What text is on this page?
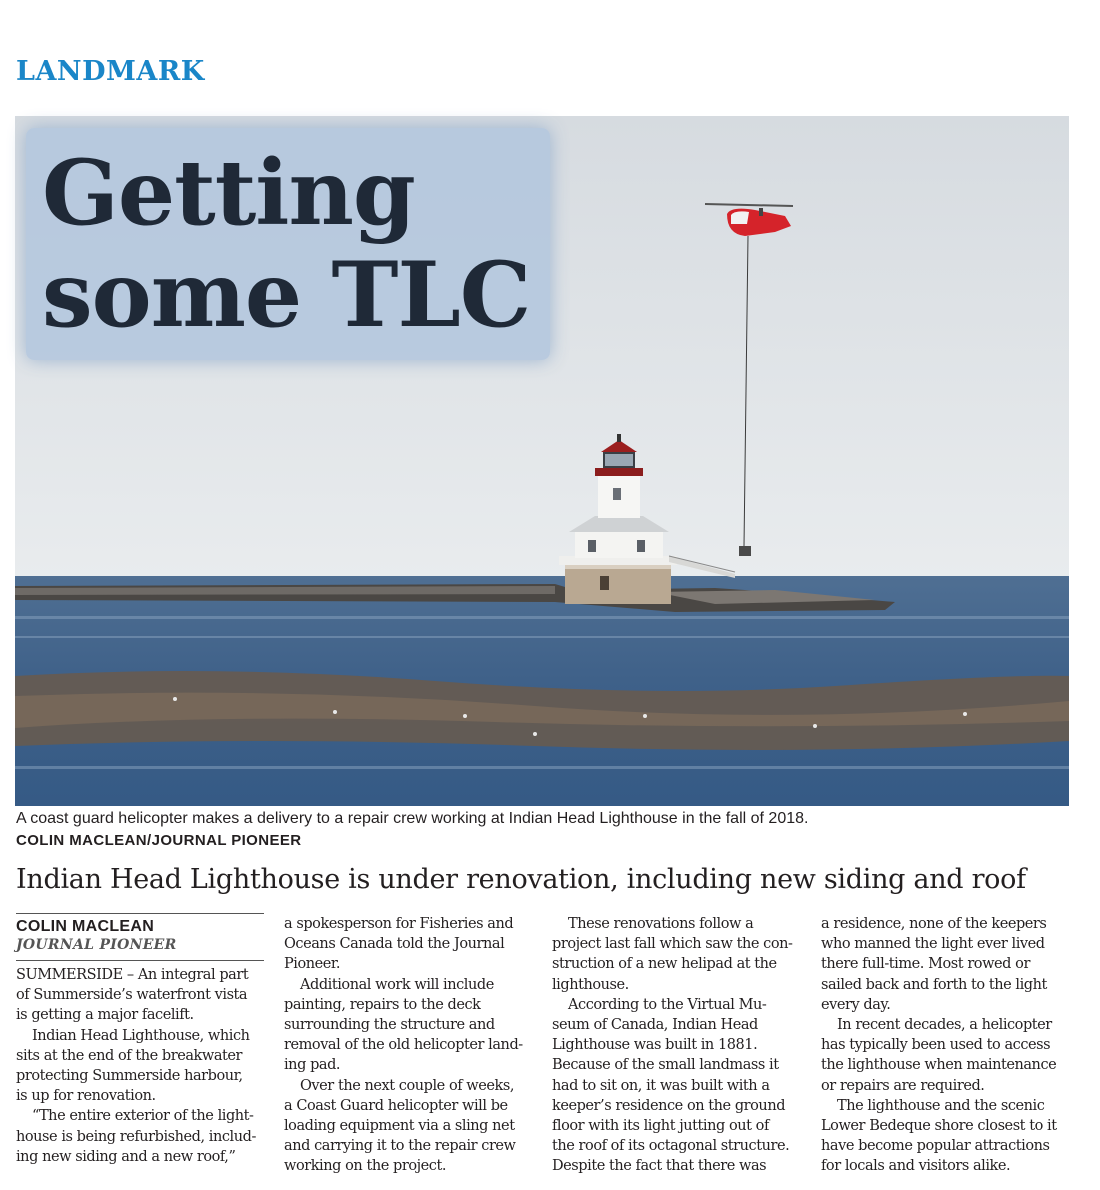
LANDMARK
Getting
some TLC
A coast guard helicopter makes a delivery to a repair crew working at Indian Head Lighthouse in the fall of 2018.
COLIN MACLEAN/JOURNAL PIONEER
Indian Head Lighthouse is under renovation, including new siding and roof
COLIN MACLEAN
JOURNAL PIONEER

SUMMERSIDE – An integral part

of Summerside’s waterfront vista

is getting a major facelift.

Indian Head Lighthouse, which

sits at the end of the breakwater

protecting Summerside harbour,

is up for renovation.

“The entire exterior of the light-

house is being refurbished, includ-

ing new siding and a new roof,”

a spokesperson for Fisheries and

Oceans Canada told the Journal

Pioneer.

Additional work will include

painting, repairs to the deck

surrounding the structure and

removal of the old helicopter land-

ing pad.

Over the next couple of weeks,

a Coast Guard helicopter will be

loading equipment via a sling net

and carrying it to the repair crew

working on the project.

These renovations follow a

project last fall which saw the con-

struction of a new helipad at the

lighthouse.

According to the Virtual Mu-

seum of Canada, Indian Head

Lighthouse was built in 1881.

Because of the small landmass it

had to sit on, it was built with a

keeper’s residence on the ground

floor with its light jutting out of

the roof of its octagonal structure.

Despite the fact that there was

a residence, none of the keepers

who manned the light ever lived

there full-time. Most rowed or

sailed back and forth to the light

every day.

In recent decades, a helicopter

has typically been used to access

the lighthouse when maintenance

or repairs are required.

The lighthouse and the scenic

Lower Bedeque shore closest to it

have become popular attractions

for locals and visitors alike.
